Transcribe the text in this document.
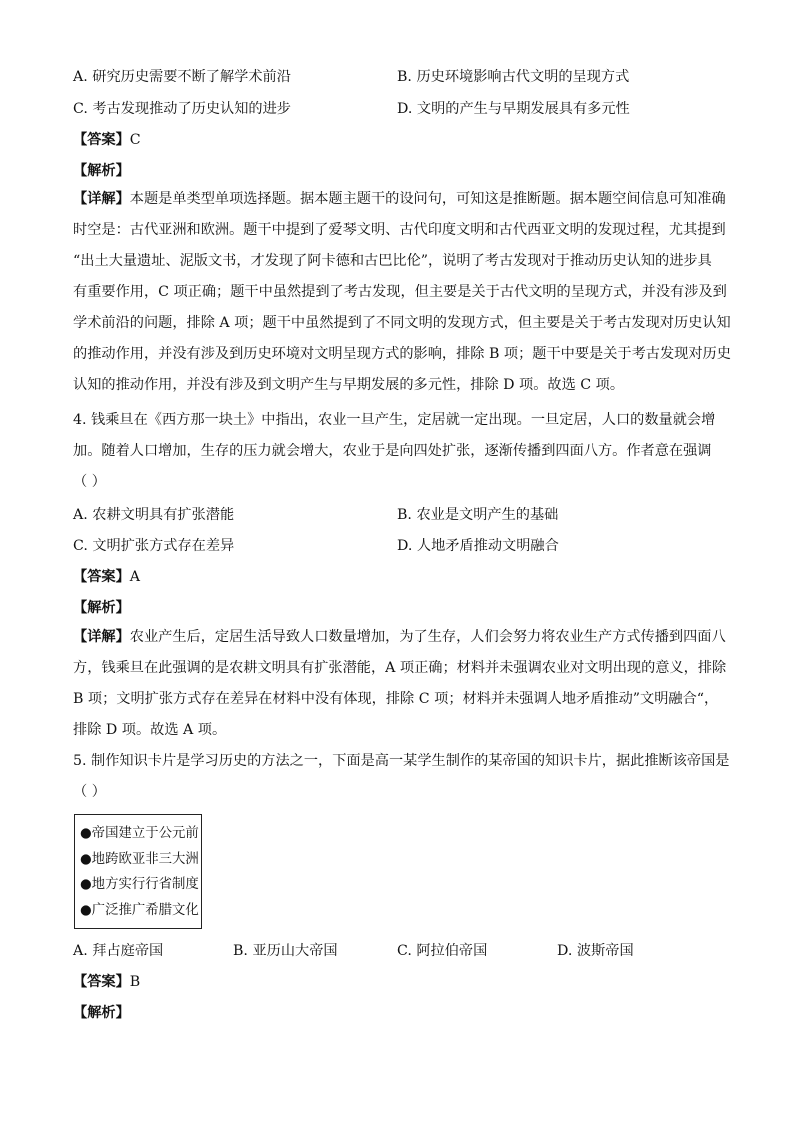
A. 研究历史需要不断了解学术前沿	B. 历史环境影响古代文明的呈现方式
C. 考古发现推动了历史认知的进步	D. 文明的产生与早期发展具有多元性
【答案】C
【解析】
【详解】本题是单类型单项选择题。据本题主题干的设问句，可知这是推断题。据本题空间信息可知准确
时空是：古代亚洲和欧洲。题干中提到了爱琴文明、古代印度文明和古代西亚文明的发现过程，尤其提到
“出土大量遗址、泥版文书，才发现了阿卡德和古巴比伦”，说明了考古发现对于推动历史认知的进步具
有重要作用，C 项正确；题干中虽然提到了考古发现，但主要是关于古代文明的呈现方式，并没有涉及到
学术前沿的问题，排除 A 项；题干中虽然提到了不同文明的发现方式，但主要是关于考古发现对历史认知
的推动作用，并没有涉及到历史环境对文明呈现方式的影响，排除 B 项；题干中要是关于考古发现对历史
认知的推动作用，并没有涉及到文明产生与早期发展的多元性，排除 D 项。故选 C 项。
4. 钱乘旦在《西方那一块土》中指出，农业一旦产生，定居就一定出现。一旦定居，人口的数量就会增
加。随着人口增加，生存的压力就会增大，农业于是向四处扩张，逐渐传播到四面八方。作者意在强调
（ ）
A. 农耕文明具有扩张潜能	B. 农业是文明产生的基础
C. 文明扩张方式存在差异	D. 人地矛盾推动文明融合
【答案】A
【解析】
【详解】农业产生后，定居生活导致人口数量增加，为了生存，人们会努力将农业生产方式传播到四面八
方，钱乘旦在此强调的是农耕文明具有扩张潜能，A 项正确；材料并未强调农业对文明出现的意义，排除
B 项；文明扩张方式存在差异在材料中没有体现，排除 C 项；材料并未强调人地矛盾推动”文明融合“，
排除 D 项。故选 A 项。
5. 制作知识卡片是学习历史的方法之一，下面是高一某学生制作的某帝国的知识卡片，据此推断该帝国是
（ ）
●帝国建立于公元前
●地跨欧亚非三大洲
●地方实行行省制度
●广泛推广希腊文化
A. 拜占庭帝国	B. 亚历山大帝国	C. 阿拉伯帝国	D. 波斯帝国
【答案】B
【解析】
